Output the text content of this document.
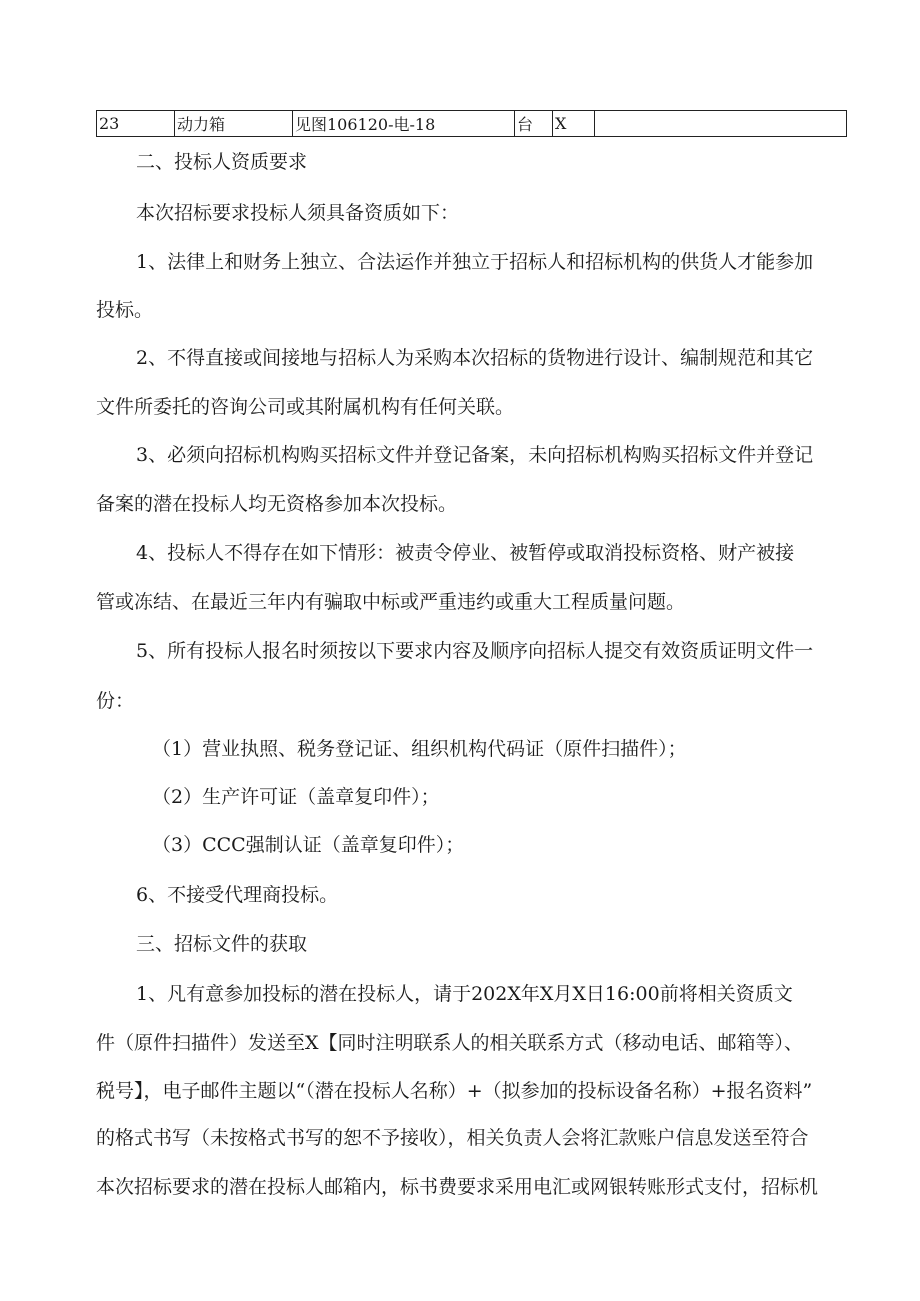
23	动力箱	见图106120-电-18	台	X	
二、投标人资质要求
本次招标要求投标人须具备资质如下：
1、法律上和财务上独立、合法运作并独立于招标人和招标机构的供货人才能参加
投标。
2、不得直接或间接地与招标人为采购本次招标的货物进行设计、编制规范和其它
文件所委托的咨询公司或其附属机构有任何关联。
3、必须向招标机构购买招标文件并登记备案，未向招标机构购买招标文件并登记
备案的潜在投标人均无资格参加本次投标。
4、投标人不得存在如下情形：被责令停业、被暂停或取消投标资格、财产被接
管或冻结、在最近三年内有骗取中标或严重违约或重大工程质量问题。
5、所有投标人报名时须按以下要求内容及顺序向招标人提交有效资质证明文件一
份：
（1）营业执照、税务登记证、组织机构代码证（原件扫描件）；
（2）生产许可证（盖章复印件）；
（3）CCC强制认证（盖章复印件）；
6、不接受代理商投标。
三、招标文件的获取
1、凡有意参加投标的潜在投标人，请于202X年X月X日16:00前将相关资质文
件（原件扫描件）发送至X【同时注明联系人的相关联系方式（移动电话、邮箱等）、
税号】，电子邮件主题以“（潜在投标人名称）+（拟参加的投标设备名称）+报名资料”
的格式书写（未按格式书写的恕不予接收），相关负责人会将汇款账户信息发送至符合
本次招标要求的潜在投标人邮箱内，标书费要求采用电汇或网银转账形式支付，招标机
